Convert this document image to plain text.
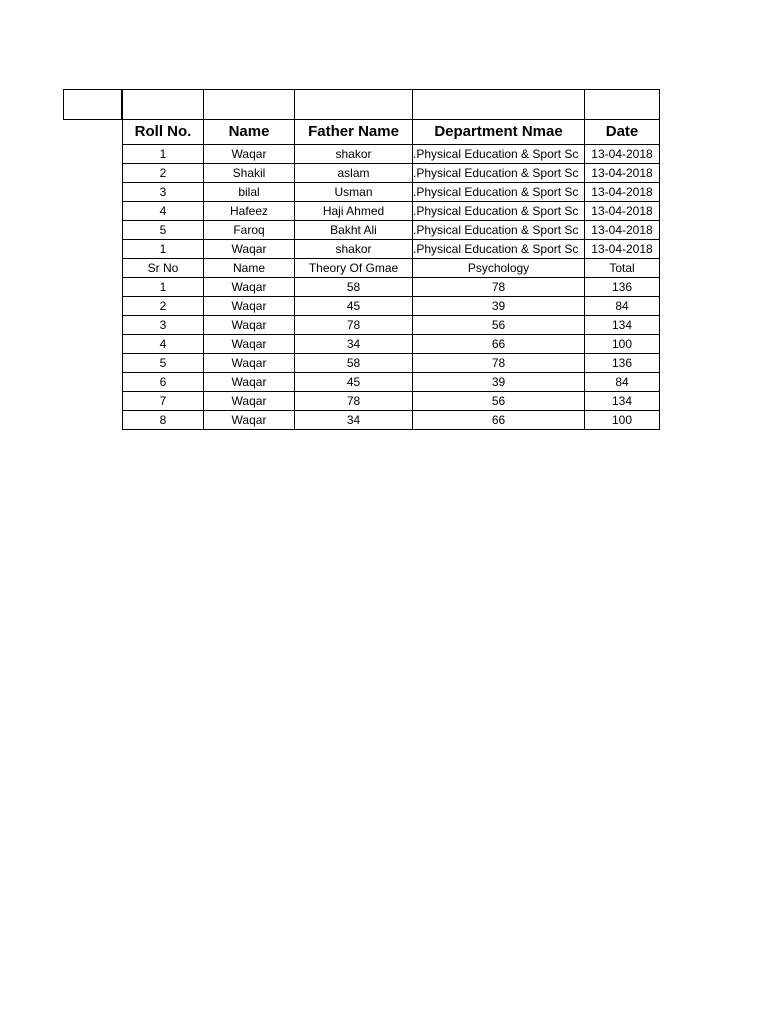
Roll No.	Name	Father Name	Department Nmae	Date
1	Waqar	shakor	.Physical Education & Sport Sc	13-04-2018
2	Shakil	aslam	.Physical Education & Sport Sc	13-04-2018
3	bilal	Usman	.Physical Education & Sport Sc	13-04-2018
4	Hafeez	Haji Ahmed	.Physical Education & Sport Sc	13-04-2018
5	Faroq	Bakht Ali	.Physical Education & Sport Sc	13-04-2018
1	Waqar	shakor	.Physical Education & Sport Sc	13-04-2018
Sr No	Name	Theory Of Gmae	Psychology	Total
1	Waqar	58	78	136
2	Waqar	45	39	84
3	Waqar	78	56	134
4	Waqar	34	66	100
5	Waqar	58	78	136
6	Waqar	45	39	84
7	Waqar	78	56	134
8	Waqar	34	66	100
